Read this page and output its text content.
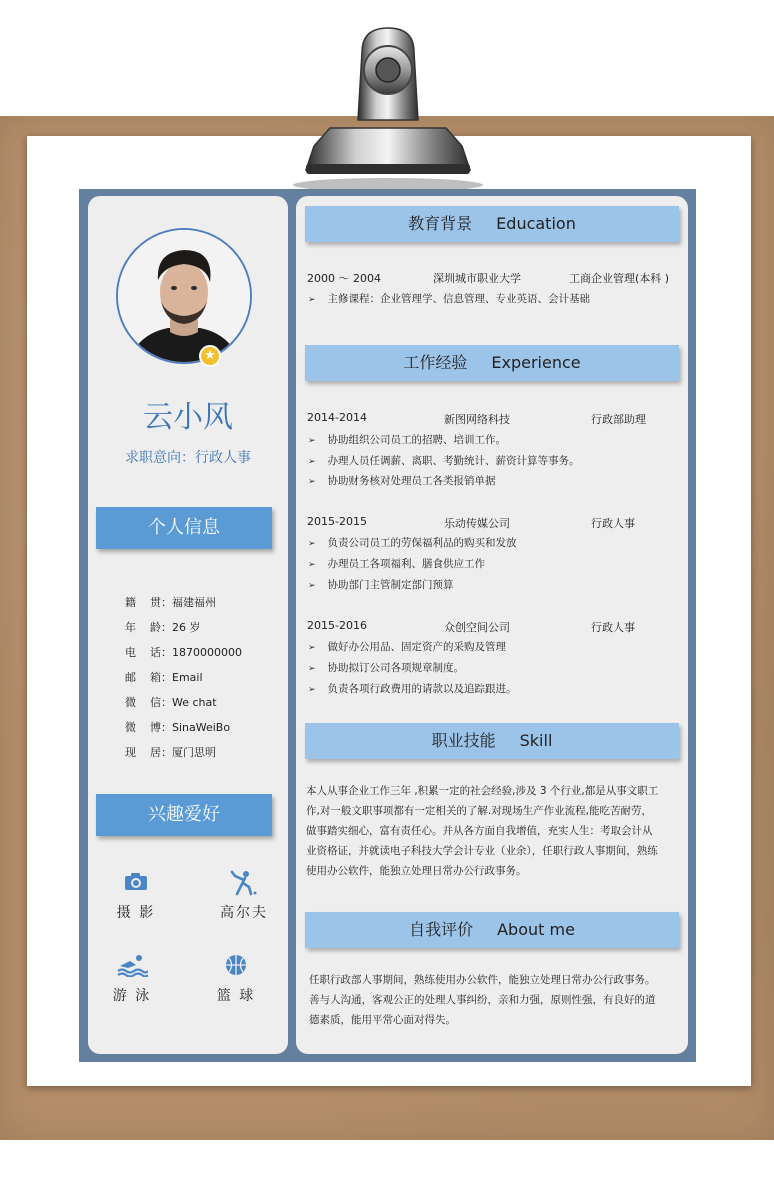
★
云小风
求职意向：行政人事
个人信息
籍贯：福建福州
年龄：26 岁
电话：1870000000
邮箱：Email
微信：We chat
微博：SinaWeiBo
现居：厦门思明
兴趣爱好
摄 影	高尔夫
游 泳	篮 球
教育背景 Education
2000 ～ 2004	深圳城市职业大学	工商企业管理(本科 )
➢ 主修课程：企业管理学、信息管理、专业英语、会计基础
工作经验 Experience
2014-2014	新图网络科技	行政部助理
➢ 协助组织公司员工的招聘、培训工作。
➢ 办理人员任调薪、离职、考勤统计、薪资计算等事务。
➢ 协助财务核对处理员工各类报销单据
2015-2015	乐动传媒公司	行政人事
➢ 负责公司员工的劳保福利品的购买和发放
➢ 办理员工各项福利、膳食供应工作
➢ 协助部门主管制定部门预算
2015-2016	众创空间公司	行政人事
➢ 做好办公用品、固定资产的采购及管理
➢ 协助拟订公司各项规章制度。
➢ 负责各项行政费用的请款以及追踪跟进。
职业技能 Skill
本人从事企业工作三年 ,积累一定的社会经验,涉及 3 个行业,都是从事文职工
作,对一般文职事项都有一定相关的了解.对现场生产作业流程,能吃苦耐劳，
做事踏实细心，富有责任心。并从各方面自我增值，充实人生：考取会计从
业资格证，并就读电子科技大学会计专业（业余），任职行政人事期间，熟练
使用办公软件，能独立处理日常办公行政事务。
自我评价 About me
任职行政部人事期间，熟练使用办公软件，能独立处理日常办公行政事务。
善与人沟通，客观公正的处理人事纠纷，亲和力强，原则性强，有良好的道
德素质，能用平常心面对得失。
